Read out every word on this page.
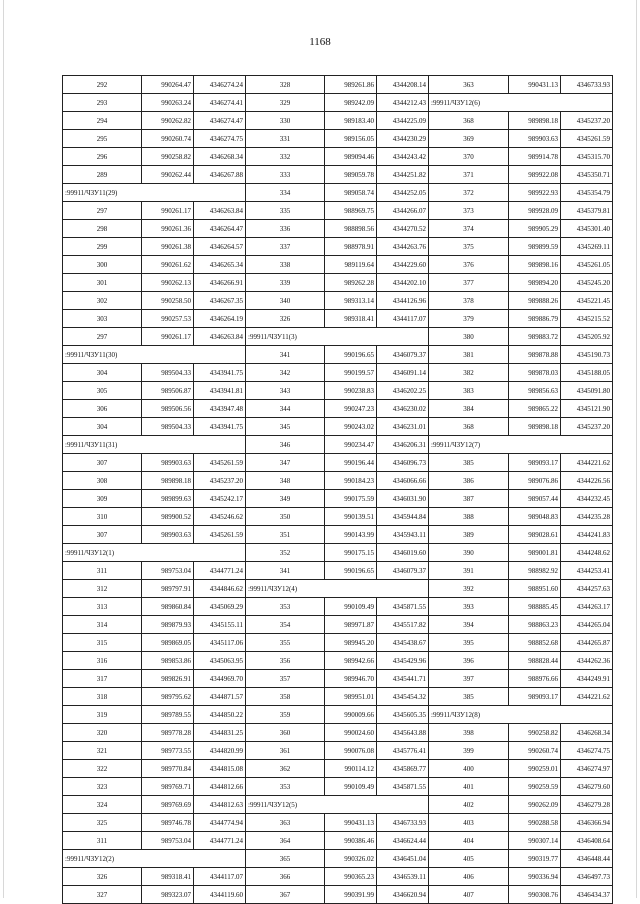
1168
292	990264.47	4346274.24	328	989261.86	4344208.14	363	990431.13	4346733.93
293	990263.24	4346274.41	329	989242.09	4344212.43	:99911/ЧЗУ12(6)		
294	990262.82	4346274.47	330	989183.40	4344225.09	368	989898.18	4345237.20
295	990260.74	4346274.75	331	989156.05	4344230.29	369	989903.63	4345261.59
296	990258.82	4346268.34	332	989094.46	4344243.42	370	989914.78	4345315.70
289	990262.44	4346267.88	333	989059.78	4344251.82	371	989922.08	4345350.71
:99911/ЧЗУ11(29)			334	989058.74	4344252.05	372	989922.93	4345354.79
297	990261.17	4346263.84	335	988969.75	4344266.07	373	989928.09	4345379.81
298	990261.36	4346264.47	336	988898.56	4344270.52	374	989905.29	4345301.40
299	990261.38	4346264.57	337	988978.91	4344263.76	375	989899.59	4345269.11
300	990261.62	4346265.34	338	989119.64	4344229.60	376	989898.16	4345261.05
301	990262.13	4346266.91	339	989262.28	4344202.10	377	989894.20	4345245.20
302	990258.50	4346267.35	340	989313.14	4344126.96	378	989888.26	4345221.45
303	990257.53	4346264.19	326	989318.41	4344117.07	379	989886.79	4345215.52
297	990261.17	4346263.84	:99911/ЧЗУ11(3)			380	989883.72	4345205.92
:99911/ЧЗУ11(30)			341	990196.65	4346079.37	381	989878.88	4345190.73
304	989504.33	4343941.75	342	990199.57	4346091.14	382	989878.03	4345188.05
305	989506.87	4343941.81	343	990238.83	4346202.25	383	989856.63	4345091.80
306	989506.56	4343947.48	344	990247.23	4346230.02	384	989865.22	4345121.90
304	989504.33	4343941.75	345	990243.02	4346231.01	368	989898.18	4345237.20
:99911/ЧЗУ11(31)			346	990234.47	4346206.31	:99911/ЧЗУ12(7)		
307	989903.63	4345261.59	347	990196.44	4346096.73	385	989093.17	4344221.62
308	989898.18	4345237.20	348	990184.23	4346066.66	386	989076.86	4344226.56
309	989899.63	4345242.17	349	990175.59	4346031.90	387	989057.44	4344232.45
310	989900.52	4345246.62	350	990139.51	4345944.84	388	989048.83	4344235.28
307	989903.63	4345261.59	351	990143.99	4345943.11	389	989028.61	4344241.83
:99911/ЧЗУ12(1)			352	990175.15	4346019.60	390	989001.81	4344248.62
311	989753.04	4344771.24	341	990196.65	4346079.37	391	988982.92	4344253.41
312	989797.91	4344846.62	:99911/ЧЗУ12(4)			392	988951.60	4344257.63
313	989860.84	4345069.29	353	990109.49	4345871.55	393	988885.45	4344263.17
314	989879.93	4345155.11	354	989971.87	4345517.82	394	988863.23	4344265.04
315	989869.05	4345117.06	355	989945.20	4345438.67	395	988852.68	4344265.87
316	989853.86	4345063.95	356	989942.66	4345429.96	396	988828.44	4344262.36
317	989826.91	4344969.70	357	989946.70	4345441.71	397	988976.66	4344249.91
318	989795.62	4344871.57	358	989951.01	4345454.32	385	989093.17	4344221.62
319	989789.55	4344850.22	359	990009.66	4345605.35	:99911/ЧЗУ12(8)		
320	989778.28	4344831.25	360	990024.60	4345643.88	398	990258.82	4346268.34
321	989773.55	4344820.99	361	990076.08	4345776.41	399	990260.74	4346274.75
322	989770.84	4344815.08	362	990114.12	4345869.77	400	990259.01	4346274.97
323	989769.71	4344812.66	353	990109.49	4345871.55	401	990259.59	4346279.60
324	989769.69	4344812.63	:99911/ЧЗУ12(5)			402	990262.09	4346279.28
325	989746.78	4344774.94	363	990431.13	4346733.93	403	990288.58	4346366.94
311	989753.04	4344771.24	364	990386.46	4346624.44	404	990307.14	4346408.64
:99911/ЧЗУ12(2)			365	990326.02	4346451.04	405	990319.77	4346448.44
326	989318.41	4344117.07	366	990365.23	4346539.11	406	990336.94	4346497.73
327	989323.07	4344119.60	367	990391.99	4346620.94	407	990308.76	4346434.37
